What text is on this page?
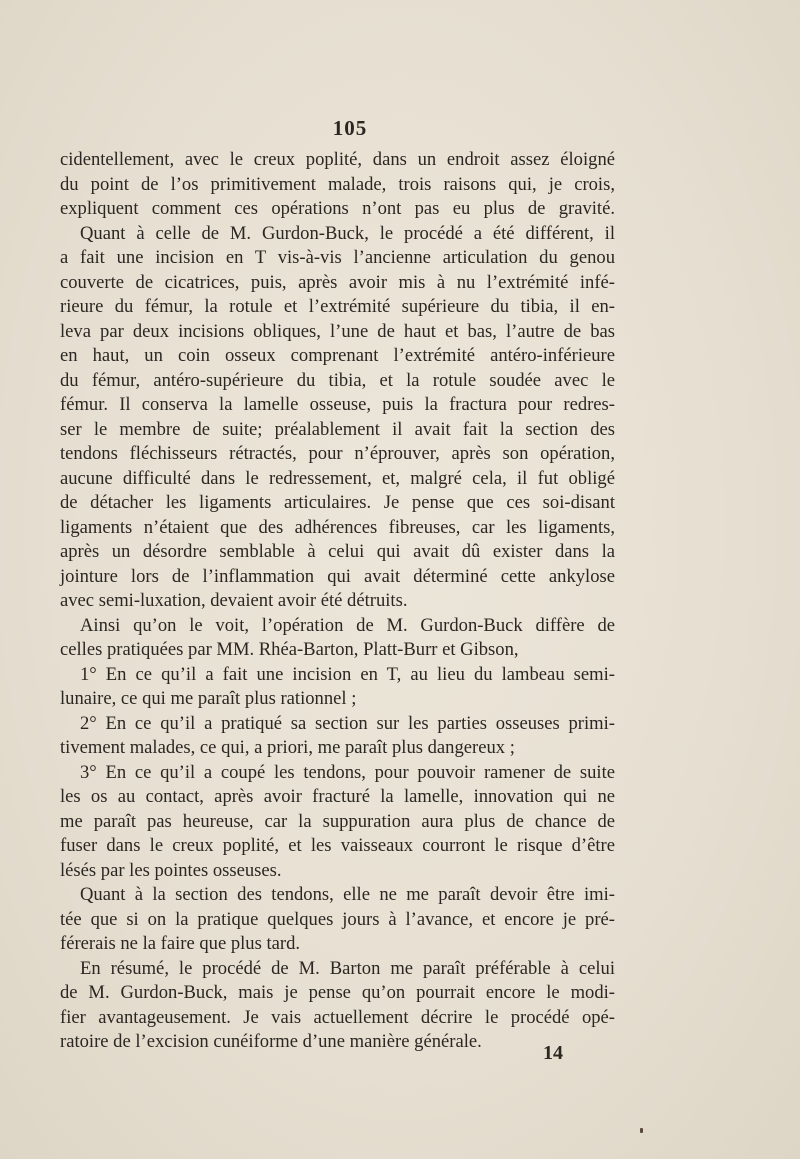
105
cidentellement, avec le creux poplité, dans un endroit assez éloigné
du point de l’os primitivement malade, trois raisons qui, je crois,
expliquent comment ces opérations n’ont pas eu plus de gravité.
Quant à celle de M. Gurdon-Buck, le procédé a été différent, il
a fait une incision en T vis-à-vis l’ancienne articulation du genou
couverte de cicatrices, puis, après avoir mis à nu l’extrémité infé-
rieure du fémur, la rotule et l’extrémité supérieure du tibia, il en-
leva par deux incisions obliques, l’une de haut et bas, l’autre de bas
en haut, un coin osseux comprenant l’extrémité antéro-inférieure
du fémur, antéro-supérieure du tibia, et la rotule soudée avec le
fémur. Il conserva la lamelle osseuse, puis la fractura pour redres-
ser le membre de suite; préalablement il avait fait la section des
tendons fléchisseurs rétractés, pour n’éprouver, après son opération,
aucune difficulté dans le redressement, et, malgré cela, il fut obligé
de détacher les ligaments articulaires. Je pense que ces soi-disant
ligaments n’étaient que des adhérences fibreuses, car les ligaments,
après un désordre semblable à celui qui avait dû exister dans la
jointure lors de l’inflammation qui avait déterminé cette ankylose
avec semi-luxation, devaient avoir été détruits.
Ainsi qu’on le voit, l’opération de M. Gurdon-Buck diffère de
celles pratiquées par MM. Rhéa-Barton, Platt-Burr et Gibson,
1° En ce qu’il a fait une incision en T, au lieu du lambeau semi-
lunaire, ce qui me paraît plus rationnel ;
2° En ce qu’il a pratiqué sa section sur les parties osseuses primi-
tivement malades, ce qui, a priori, me paraît plus dangereux ;
3° En ce qu’il a coupé les tendons, pour pouvoir ramener de suite
les os au contact, après avoir fracturé la lamelle, innovation qui ne
me paraît pas heureuse, car la suppuration aura plus de chance de
fuser dans le creux poplité, et les vaisseaux courront le risque d’être
lésés par les pointes osseuses.
Quant à la section des tendons, elle ne me paraît devoir être imi-
tée que si on la pratique quelques jours à l’avance, et encore je pré-
férerais ne la faire que plus tard.
En résumé, le procédé de M. Barton me paraît préférable à celui
de M. Gurdon-Buck, mais je pense qu’on pourrait encore le modi-
fier avantageusement. Je vais actuellement décrire le procédé opé-
ratoire de l’excision cunéiforme d’une manière générale.
14
